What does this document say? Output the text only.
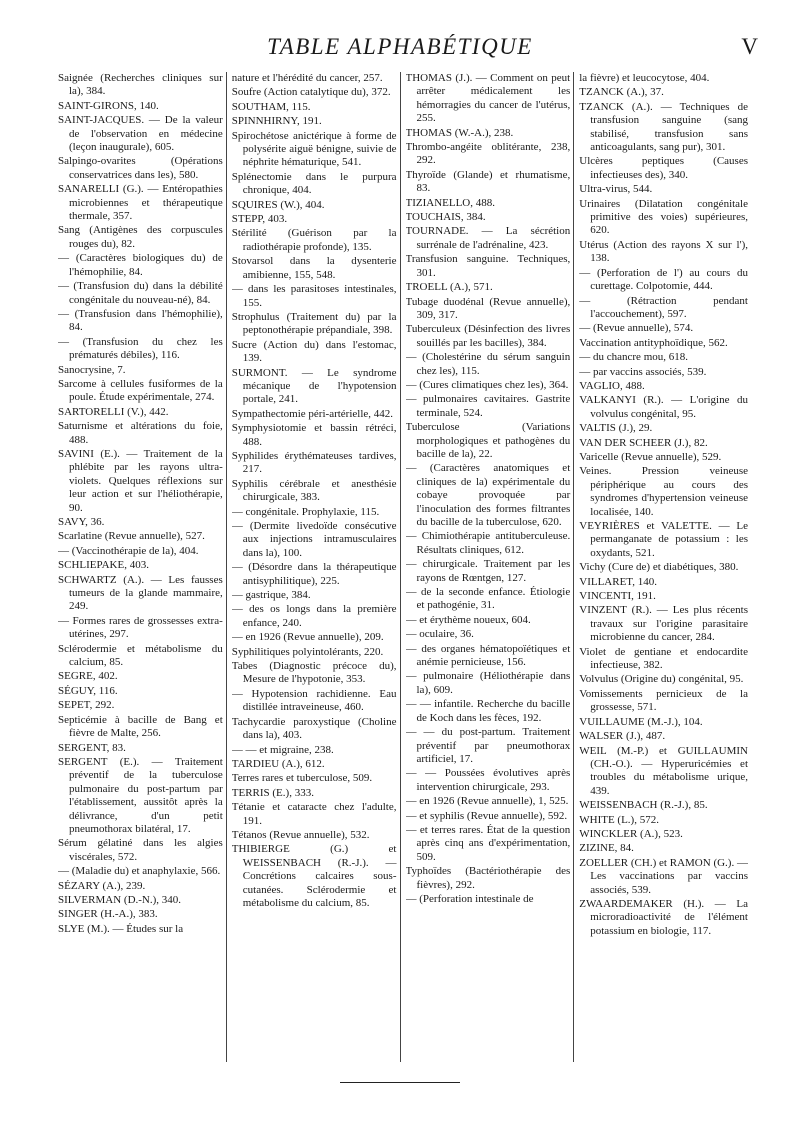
TABLE ALPHABÉTIQUE	V

Saignée (Recherches cliniques sur la), 384.

SAINT-GIRONS, 140.

SAINT-JACQUES. — De la valeur de l'observation en médecine (leçon inaugurale), 605.

Salpingo-ovarites (Opérations conservatrices dans les), 580.

SANARELLI (G.). — Entéropathies microbiennes et thérapeutique thermale, 357.

Sang (Antigènes des corpuscules rouges du), 82.

— (Caractères biologiques du) de l'hémophilie, 84.

— (Transfusion du) dans la débilité congénitale du nouveau-né), 84.

— (Transfusion dans l'hémophilie), 84.

— (Transfusion du chez les prématurés débiles), 116.

Sanocrysine, 7.

Sarcome à cellules fusiformes de la poule. Étude expérimentale, 274.

SARTORELLI (V.), 442.

Saturnisme et altérations du foie, 488.

SAVINI (E.). — Traitement de la phlébite par les rayons ultra-violets. Quelques réflexions sur leur action et sur l'héliothérapie, 90.

SAVY, 36.

Scarlatine (Revue annuelle), 527.

— (Vaccinothérapie de la), 404.

SCHLIEPAKE, 403.

SCHWARTZ (A.). — Les fausses tumeurs de la glande mammaire, 249.

— Formes rares de grossesses extra-utérines, 297.

Sclérodermie et métabolisme du calcium, 85.

SEGRE, 402.

SÉGUY, 116.

SEPET, 292.

Septicémie à bacille de Bang et fièvre de Malte, 256.

SERGENT, 83.

SERGENT (E.). — Traitement préventif de la tuberculose pulmonaire du post-partum par l'établissement, aussitôt après la délivrance, d'un petit pneumothorax bilatéral, 17.

Sérum gélatiné dans les algies viscérales, 572.

— (Maladie du) et anaphylaxie, 566.

SÉZARY (A.), 239.

SILVERMAN (D.-N.), 340.

SINGER (H.-A.), 383.

SLYE (M.). — Études sur la

nature et l'hérédité du cancer, 257.

Soufre (Action catalytique du), 372.

SOUTHAM, 115.

SPINNHIRNY, 191.

Spirochétose anictérique à forme de polysérite aiguë bénigne, suivie de néphrite hématurique, 541.

Splénectomie dans le purpura chronique, 404.

SQUIRES (W.), 404.

STEPP, 403.

Stérilité (Guérison par la radiothérapie profonde), 135.

Stovarsol dans la dysenterie amibienne, 155, 548.

— dans les parasitoses intestinales, 155.

Strophulus (Traitement du) par la peptonothérapie prépandiale, 398.

Sucre (Action du) dans l'estomac, 139.

SURMONT. — Le syndrome mécanique de l'hypotension portale, 241.

Sympathectomie péri-artérielle, 442.

Symphysiotomie et bassin rétréci, 488.

Syphilides érythémateuses tardives, 217.

Syphilis cérébrale et anesthésie chirurgicale, 383.

— congénitale. Prophylaxie, 115.

— (Dermite livedoïde consécutive aux injections intramusculaires dans la), 100.

— (Désordre dans la thérapeutique antisyphilitique), 225.

— gastrique, 384.

— des os longs dans la première enfance, 240.

— en 1926 (Revue annuelle), 209.

Syphilitiques polyintolérants, 220.

Tabes (Diagnostic précoce du), Mesure de l'hypotonie, 353.

— Hypotension rachidienne. Eau distillée intraveineuse, 460.

Tachycardie paroxystique (Choline dans la), 403.

— — et migraine, 238.

TARDIEU (A.), 612.

Terres rares et tuberculose, 509.

TERRIS (E.), 333.

Tétanie et cataracte chez l'adulte, 191.

Tétanos (Revue annuelle), 532.

THIBIERGE (G.) et WEISSENBACH (R.-J.). — Concrétions calcaires sous-cutanées. Sclérodermie et métabolisme du calcium, 85.

THOMAS (J.). — Comment on peut arrêter médicalement les hémorragies du cancer de l'utérus, 255.

THOMAS (W.-A.), 238.

Thrombo-angéite oblitérante, 238, 292.

Thyroïde (Glande) et rhumatisme, 83.

TIZIANELLO, 488.

TOUCHAIS, 384.

TOURNADE. — La sécrétion surrénale de l'adrénaline, 423.

Transfusion sanguine. Techniques, 301.

TROELL (A.), 571.

Tubage duodénal (Revue annuelle), 309, 317.

Tuberculeux (Désinfection des livres souillés par les bacilles), 384.

— (Cholestérine du sérum sanguin chez les), 115.

— (Cures climatiques chez les), 364.

— pulmonaires cavitaires. Gastrite terminale, 524.

Tuberculose (Variations morphologiques et pathogènes du bacille de la), 22.

— (Caractères anatomiques et cliniques de la) expérimentale du cobaye provoquée par l'inoculation des formes filtrantes du bacille de la tuberculose, 620.

— Chimiothérapie antituberculeuse. Résultats cliniques, 612.

— chirurgicale. Traitement par les rayons de Rœntgen, 127.

— de la seconde enfance. Étiologie et pathogénie, 31.

— et érythème noueux, 604.

— oculaire, 36.

— des organes hématopoïétiques et anémie pernicieuse, 156.

— pulmonaire (Héliothérapie dans la), 609.

— — infantile. Recherche du bacille de Koch dans les fèces, 192.

— — du post-partum. Traitement préventif par pneumothorax artificiel, 17.

— — Poussées évolutives après intervention chirurgicale, 293.

— en 1926 (Revue annuelle), 1, 525.

— et syphilis (Revue annuelle), 592.

— et terres rares. État de la question après cinq ans d'expérimentation, 509.

Typhoïdes (Bactériothérapie des fièvres), 292.

— (Perforation intestinale de

la fièvre) et leucocytose, 404.

TZANCK (A.), 37.

TZANCK (A.). — Techniques de transfusion sanguine (sang stabilisé, transfusion sans anticoagulants, sang pur), 301.

Ulcères peptiques (Causes infectieuses des), 340.

Ultra-virus, 544.

Urinaires (Dilatation congénitale primitive des voies) supérieures, 620.

Utérus (Action des rayons X sur l'), 138.

— (Perforation de l') au cours du curettage. Colpotomie, 444.

— (Rétraction pendant l'accouchement), 597.

— (Revue annuelle), 574.

Vaccination antityphoïdique, 562.

— du chancre mou, 618.

— par vaccins associés, 539.

VAGLIO, 488.

VALKANYI (R.). — L'origine du volvulus congénital, 95.

VALTIS (J.), 29.

VAN DER SCHEER (J.), 82.

Varicelle (Revue annuelle), 529.

Veines. Pression veineuse périphérique au cours des syndromes d'hypertension veineuse localisée, 140.

VEYRIÈRES et VALETTE. — Le permanganate de potassium : les oxydants, 521.

Vichy (Cure de) et diabétiques, 380.

VILLARET, 140.

VINCENTI, 191.

VINZENT (R.). — Les plus récents travaux sur l'origine parasitaire microbienne du cancer, 284.

Violet de gentiane et endocardite infectieuse, 382.

Volvulus (Origine du) congénital, 95.

Vomissements pernicieux de la grossesse, 571.

VUILLAUME (M.-J.), 104.

WALSER (J.), 487.

WEIL (M.-P.) et GUILLAUMIN (CH.-O.). — Hyperuricémies et troubles du métabolisme urique, 439.

WEISSENBACH (R.-J.), 85.

WHITE (L.), 572.

WINCKLER (A.), 523.

ZIZINE, 84.

ZOELLER (CH.) et RAMON (G.). — Les vaccinations par vaccins associés, 539.

ZWAARDEMAKER (H.). — La microradioactivité de l'élément potassium en biologie, 117.
